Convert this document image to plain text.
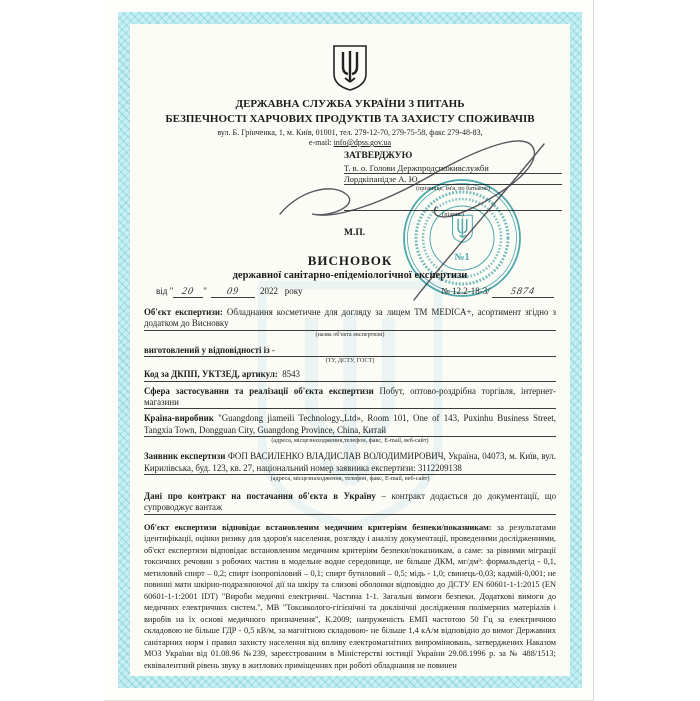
ДЕРЖАВНА СЛУЖБА УКРАЇНИ З ПИТАНЬ
БЕЗПЕЧНОСТІ ХАРЧОВИХ ПРОДУКТІВ ТА ЗАХИСТУ СПОЖИВАЧІВ
вул. Б. Грінченка, 1, м. Київ, 01001, тел. 279-12-70, 279-75-58, факс 279-48-83,
e-mail: info@dpss.gov.ua
ЗАТВЕРДЖУЮ
Т. в. о. Голови Держпродспоживслужби
Лордкіпанідзе А. Ю.
(прізвище, ім'я, по батькові)
(підпис)
М.П.
№1
ВИСНОВОК
державної санітарно-епідеміологічної експертизи
від " 20 " 09 2022 року	№ 12.2-18-3/ 5874
Об'єкт експертизи: Обладнання косметичне для догляду за лицем ТМ MEDICA+, асортимент згідно з додатком до Висновку
(назва об'єкта експертизи)
виготовлений у відповідності із -
(ТУ, ДСТУ, ГОСТ)
Код за ДКПП, УКТЗЕД, артикул: 8543
Сфера застосування та реалізації об'єкта експертизи Побут, оптово-роздрібна торгівля, інтернет-магазини
Країна-виробник "Guangdong jiameili Technology.,Ltd», Room 101, One of 143, Puxinhu Business Street, Tangxia Town, Dongguan City, Guangdong Province, China, Китай
(адреса, місцезнаходження,телефон, факс, E-mail, веб-сайт)
Заявник експертизи ФОП ВАСИЛЕНКО ВЛАДИСЛАВ ВОЛОДИМИРОВИЧ, Україна, 04073, м. Київ, вул. Кирилівська, буд. 123, кв. 27, національний номер заявника експертизи: 3112209138
(адреса, місцезнаходження, телефон, факс, E-mail, веб-сайт)
Дані про контракт на постачання об'єкта в Україну – контракт додається до документації, що супроводжує вантаж
Об'єкт експертизи відповідає встановленим медичним критеріям безпеки/показникам: за результатами ідентифікації, оцінки ризику для здоров'я населення, розгляду і аналізу документації, проведеними дослідженнями, об'єкт експертизи відповідає встановленим медичним критеріям безпеки/показникам, а саме: за рівнями міграції токсичних речовин з робочих частин в модельне водне середовище, не більше ДКМ, мг/дм³: формальдегід - 0,1, метиловий спирт – 0,2; спирт ізопропіловий – 0,1; спирт бутиловий – 0,5; мідь - 1,0; свинець-0,03; кадмій-0,001; не повинні мати шкірно-подразнюючої дії на шкіру та слизові оболонки відповідно до ДСТУ EN 60601-1-1:2015 (EN 60601-1-1:2001 IDT) "Вироби медичні електричні. Частина 1-1. Загальні вимоги безпеки. Додаткові вимоги до медичних електричних систем.", МВ "Токсиколого-гігієнічні та доклінічні дослідження полімерних матеріалів і виробів на їх основі медичного призначення", К.2009; напруженість ЕМП частотою 50 Гц за електричною складовою не більше ГДР - 0,5 кВ/м, за магнітною складовою- не більше 1,4 кА/м відповідно до вимог Державних санітарних норм і правил захисту населення від впливу електромагнітних випромінювань, затверджених Наказом МОЗ України від 01.08.96 №239, зареєстрованим в Міністерстві юстиції України 29.08.1996 р. за № 488/1513; еквівалентний рівень звуку в житлових приміщеннях при роботі обладнання не повинен
